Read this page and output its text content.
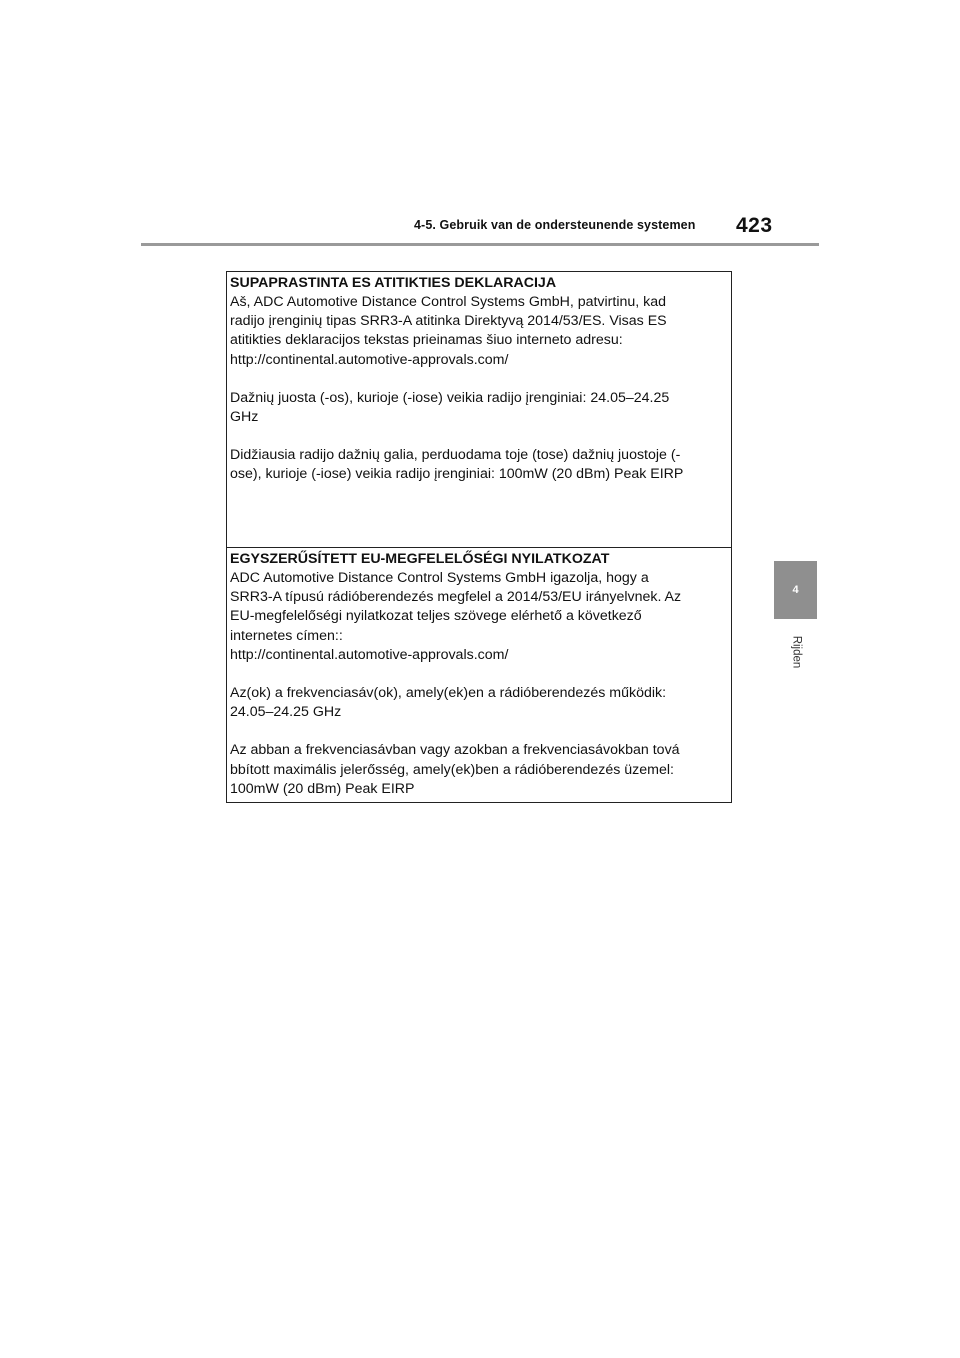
4-5. Gebruik van de ondersteunende systemen 423
4
Rijden

SUPAPRASTINTA ES ATITIKTIES DEKLARACIJA

Aš, ADC Automotive Distance Control Systems GmbH, patvirtinu, kad
radijo įrenginių tipas SRR3-A atitinka Direktyvą 2014/53/ES. Visas ES
atitikties deklaracijos tekstas prieinamas šiuo interneto adresu:
http://continental.automotive-approvals.com/

Dažnių juosta (-os), kurioje (-iose) veikia radijo įrenginiai: 24.05–24.25
GHz

Didžiausia radijo dažnių galia, perduodama toje (tose) dažnių juostoje (-
ose), kurioje (-iose) veikia radijo įrenginiai: 100mW (20 dBm) Peak EIRP

EGYSZERŰSÍTETT EU-MEGFELELŐSÉGI NYILATKOZAT

ADC Automotive Distance Control Systems GmbH igazolja, hogy a
SRR3-A típusú rádióberendezés megfelel a 2014/53/EU irányelvnek. Az
EU-megfelelőségi nyilatkozat teljes szövege elérhető a következő
internetes címen::
http://continental.automotive-approvals.com/

Az(ok) a frekvenciasáv(ok), amely(ek)en a rádióberendezés működik:
24.05–24.25 GHz

Az abban a frekvenciasávban vagy azokban a frekvenciasávokban tová
bbított maximális jelerősség, amely(ek)ben a rádióberendezés üzemel:
100mW (20 dBm) Peak EIRP
